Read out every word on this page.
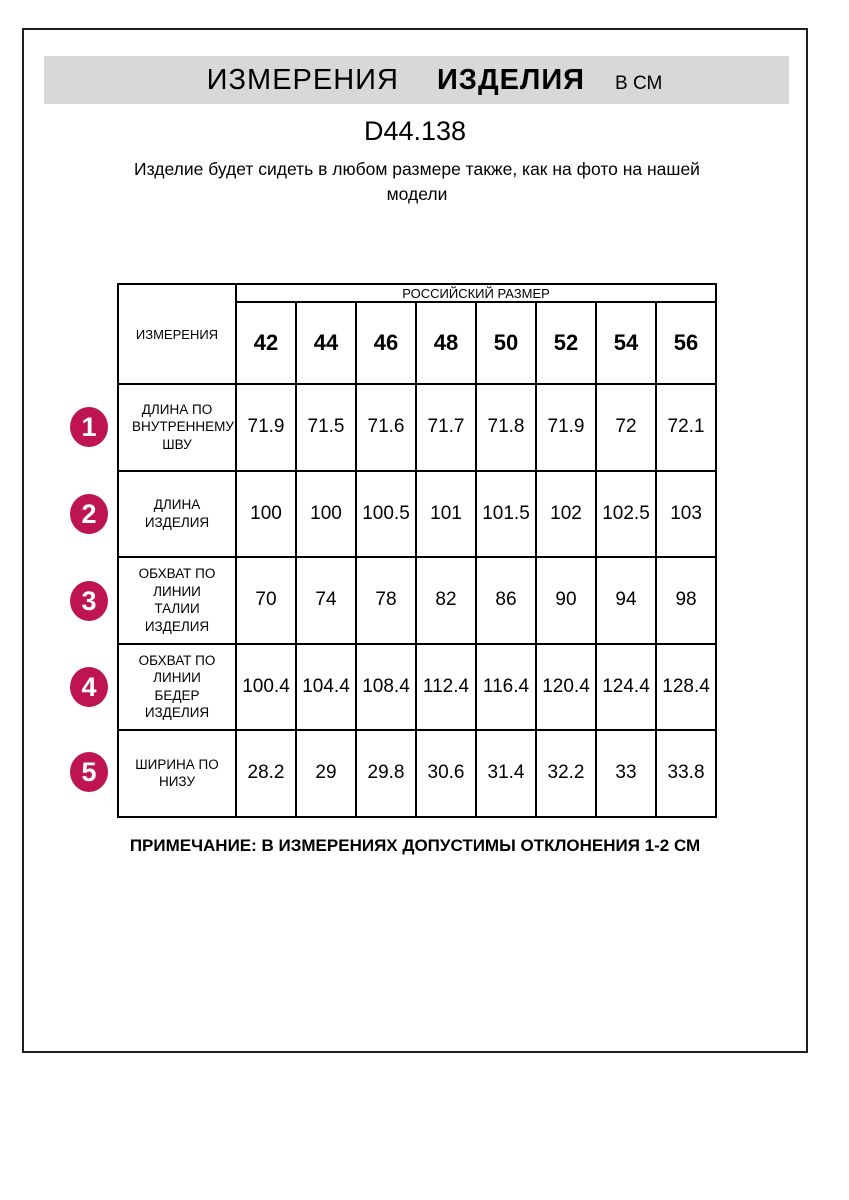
ИЗМЕРЕНИЯ ИЗДЕЛИЯ В СМ
D44.138
Изделие будет сидеть в любом размере также, как на фото на нашей модели
ИЗМЕРЕНИЯ	РОССИЙСКИЙ РАЗМЕР							
	42	44	46	48	50	52	54	56
ДЛИНА ПО ВНУТРЕННЕМУ ШВУ	71.9	71.5	71.6	71.7	71.8	71.9	72	72.1
ДЛИНА ИЗДЕЛИЯ	100	100	100.5	101	101.5	102	102.5	103
ОБХВАТ ПО ЛИНИИ ТАЛИИ ИЗДЕЛИЯ	70	74	78	82	86	90	94	98
ОБХВАТ ПО ЛИНИИ БЕДЕР ИЗДЕЛИЯ	100.4	104.4	108.4	112.4	116.4	120.4	124.4	128.4
ШИРИНА ПО НИЗУ	28.2	29	29.8	30.6	31.4	32.2	33	33.8
1
2
3
4
5
ПРИМЕЧАНИЕ: В ИЗМЕРЕНИЯХ ДОПУСТИМЫ ОТКЛОНЕНИЯ 1-2 СМ
